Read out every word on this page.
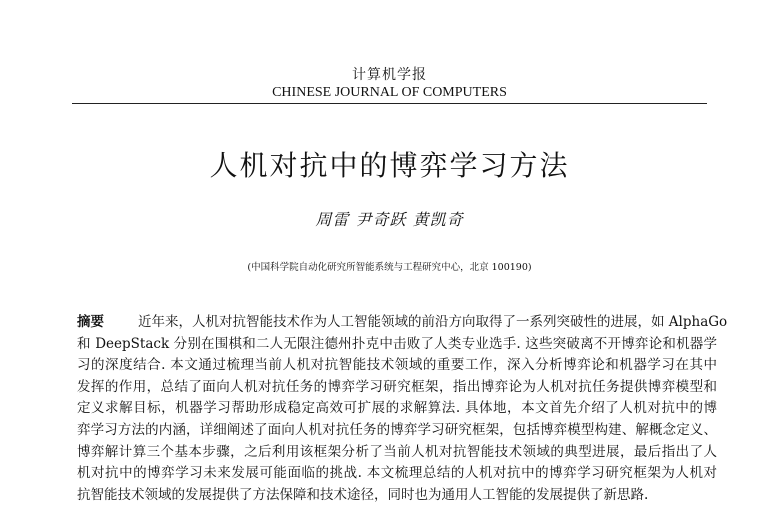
计算机学报
CHINESE JOURNAL OF COMPUTERS
人机对抗中的博弈学习方法
周雷 尹奇跃 黄凯奇
(中国科学院自动化研究所智能系统与工程研究中心，北京 100190)
摘要	近年来，人机对抗智能技术作为人工智能领域的前沿方向取得了一系列突破性的进展，如 AlphaGo
和 DeepStack 分别在围棋和二人无限注德州扑克中击败了人类专业选手. 这些突破离不开博弈论和机器学
习的深度结合. 本文通过梳理当前人机对抗智能技术领域的重要工作，深入分析博弈论和机器学习在其中
发挥的作用，总结了面向人机对抗任务的博弈学习研究框架，指出博弈论为人机对抗任务提供博弈模型和
定义求解目标，机器学习帮助形成稳定高效可扩展的求解算法. 具体地，本文首先介绍了人机对抗中的博
弈学习方法的内涵，详细阐述了面向人机对抗任务的博弈学习研究框架，包括博弈模型构建、解概念定义、
博弈解计算三个基本步骤，之后利用该框架分析了当前人机对抗智能技术领域的典型进展，最后指出了人
机对抗中的博弈学习未来发展可能面临的挑战. 本文梳理总结的人机对抗中的博弈学习研究框架为人机对
抗智能技术领域的发展提供了方法保障和技术途径，同时也为通用人工智能的发展提供了新思路.
